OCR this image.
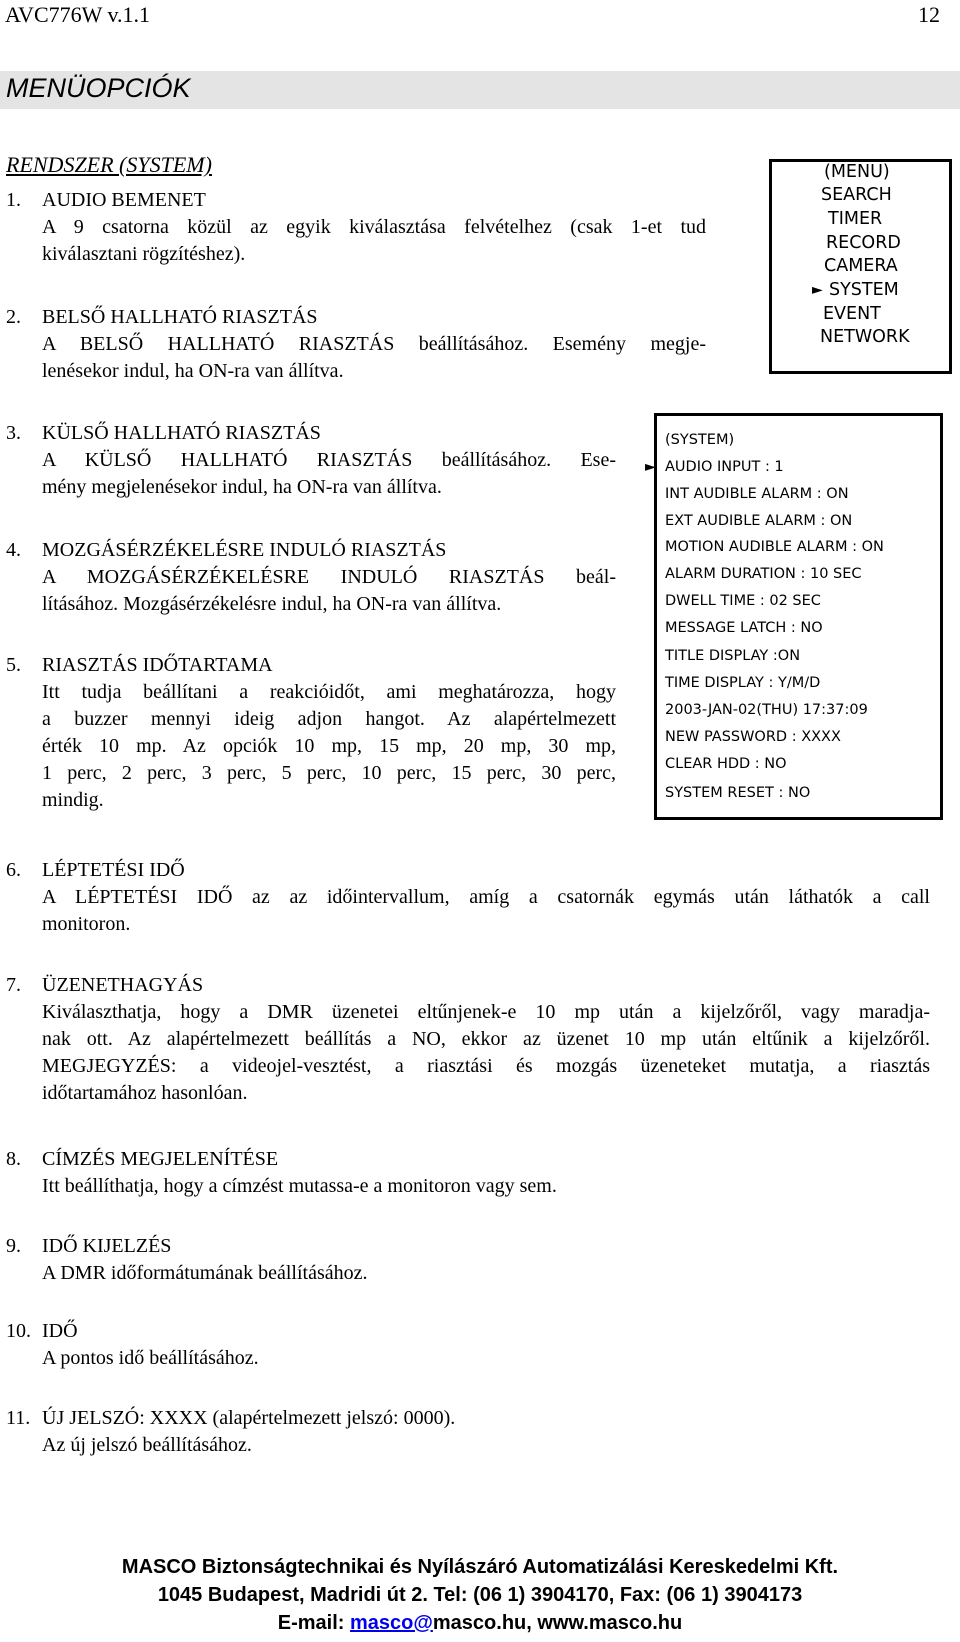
AVC776W v.1.1	12
MENÜOPCIÓK
RENDSZER (SYSTEM)
1. AUDIO BEMENET
A 9 csatorna közül az egyik kiválasztása felvételhez (csak 1-et tud
kiválasztani rögzítéshez).
2. BELSŐ HALLHATÓ RIASZTÁS
A BELSŐ HALLHATÓ RIASZTÁS beállításához. Esemény megje-
lenésekor indul, ha ON-ra van állítva.
3. KÜLSŐ HALLHATÓ RIASZTÁS
A KÜLSŐ HALLHATÓ RIASZTÁS beállításához. Ese-
mény megjelenésekor indul, ha ON-ra van állítva.
4. MOZGÁSÉRZÉKELÉSRE INDULÓ RIASZTÁS
A MOZGÁSÉRZÉKELÉSRE INDULÓ RIASZTÁS beál-
lításához. Mozgásérzékelésre indul, ha ON-ra van állítva.
5. RIASZTÁS IDŐTARTAMA
Itt tudja beállítani a reakcióidőt, ami meghatározza, hogy
a buzzer mennyi ideig adjon hangot. Az alapértelmezett
érték 10 mp. Az opciók 10 mp, 15 mp, 20 mp, 30 mp,
1 perc, 2 perc, 3 perc, 5 perc, 10 perc, 15 perc, 30 perc,
mindig.
6. LÉPTETÉSI IDŐ
A LÉPTETÉSI IDŐ az az időintervallum, amíg a csatornák egymás után láthatók a call
monitoron.
7. ÜZENETHAGYÁS
Kiválaszthatja, hogy a DMR üzenetei eltűnjenek-e 10 mp után a kijelzőről, vagy maradja-
nak ott. Az alapértelmezett beállítás a NO, ekkor az üzenet 10 mp után eltűnik a kijelzőről.
MEGJEGYZÉS: a videojel-vesztést, a riasztási és mozgás üzeneteket mutatja, a riasztás
időtartamához hasonlóan.
8. CÍMZÉS MEGJELENÍTÉSE
Itt beállíthatja, hogy a címzést mutassa-e a monitoron vagy sem.
9. IDŐ KIJELZÉS
A DMR időformátumának beállításához.
10. IDŐ
A pontos idő beállításához.
11. ÚJ JELSZÓ: XXXX (alapértelmezett jelszó: 0000).
Az új jelszó beállításához.
(MENU)
SEARCH
TIMER
RECORD
CAMERA
► SYSTEM
EVENT
NETWORK
(SYSTEM)
► AUDIO INPUT : 1
INT AUDIBLE ALARM : ON
EXT AUDIBLE ALARM : ON
MOTION AUDIBLE ALARM : ON
ALARM DURATION : 10 SEC
DWELL TIME : 02 SEC
MESSAGE LATCH : NO
TITLE DISPLAY :ON
TIME DISPLAY : Y/M/D
2003-JAN-02(THU) 17:37:09
NEW PASSWORD : XXXX
CLEAR HDD : NO
SYSTEM RESET : NO
MASCO Biztonságtechnikai és Nyílászáró Automatizálási Kereskedelmi Kft.
1045 Budapest, Madridi út 2. Tel: (06 1) 3904170, Fax: (06 1) 3904173
E-mail: masco@masco.hu, www.masco.hu
